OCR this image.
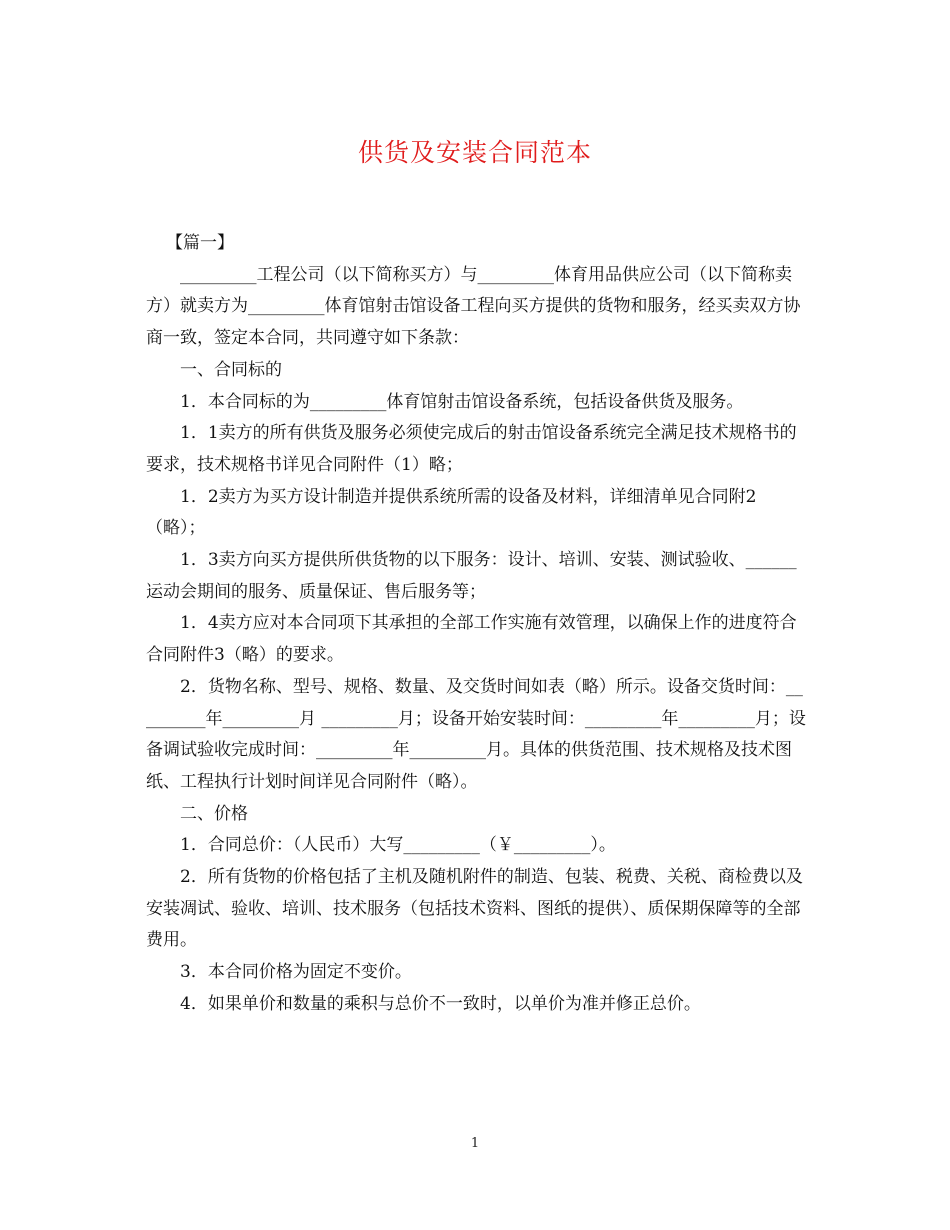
供货及安装合同范本

【篇一】

_________工程公司（以下简称买方）与_________体育用品供应公司（以下简称卖方）就卖方为_________体育馆射击馆设备工程向买方提供的货物和服务，经买卖双方协商一致，签定本合同，共同遵守如下条款：

一、合同标的

1．本合同标的为_________体育馆射击馆设备系统，包括设备供货及服务。

1．1卖方的所有供货及服务必须使完成后的射击馆设备系统完全满足技术规格书的要求，技术规格书详见合同附件（1）略；

1．2卖方为买方设计制造并提供系统所需的设备及材料，详细清单见合同附2（略）；

1．3卖方向买方提供所供货物的以下服务：设计、培训、安装、测试验收、______运动会期间的服务、质量保证、售后服务等；

1．4卖方应对本合同项下其承担的全部工作实施有效管理，以确保上作的进度符合合同附件3（略）的要求。

2．货物名称、型号、规格、数量、及交货时间如表（略）所示。设备交货时间：_________年_________月 _________月；设备开始安装时间：_________年_________月；设备调试验收完成时间：_________年_________月。具体的供货范围、技术规格及技术图纸、工程执行计划时间详见合同附件（略）。

二、价格

1．合同总价：（人民币）大写_________（￥_________）。

2．所有货物的价格包括了主机及随机附件的制造、包装、税费、关税、商检费以及安装凋试、验收、培训、技术服务（包括技术资料、图纸的提供）、质保期保障等的全部费用。

3．本合同价格为固定不变价。

4．如果单价和数量的乘积与总价不一致时，以单价为准并修正总价。

1
